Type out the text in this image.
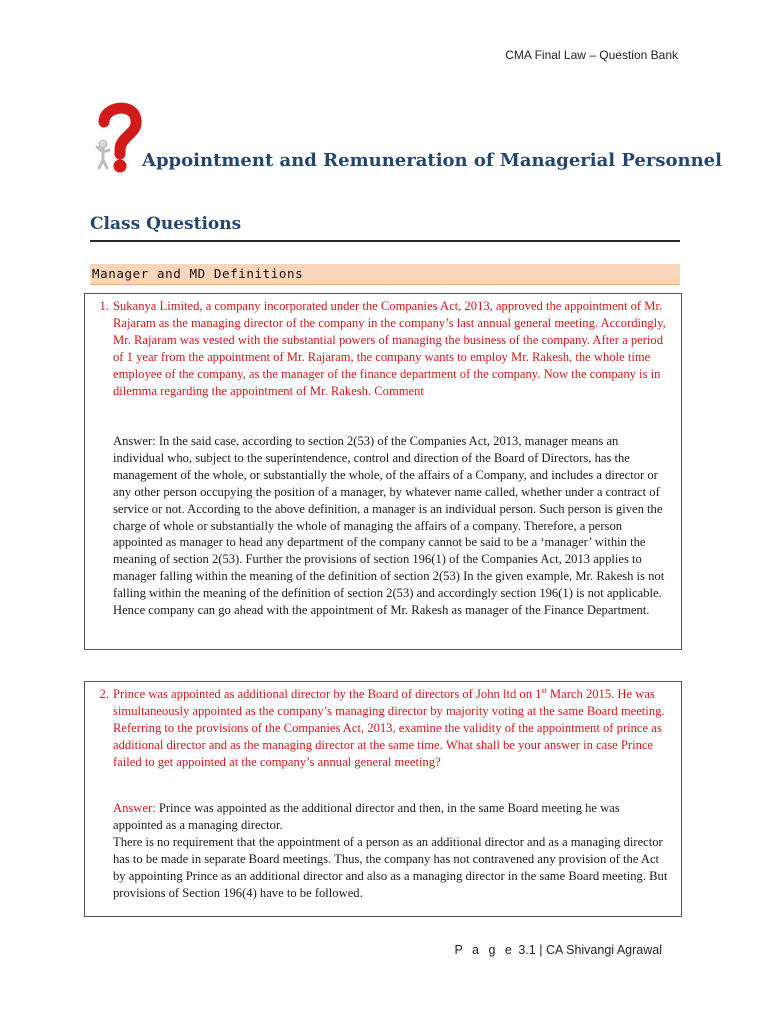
CMA Final Law – Question Bank
Appointment and Remuneration of Managerial Personnel
Class Questions
Manager and MD Definitions
1. Sukanya Limited, a company incorporated under the Companies Act, 2013, approved the appointment of Mr. Rajaram as the managing director of the company in the company’s last annual general meeting. Accordingly, Mr. Rajaram was vested with the substantial powers of managing the business of the company. After a period of 1 year from the appointment of Mr. Rajaram, the company wants to employ Mr. Rakesh, the whole time employee of the company, as the manager of the finance department of the company. Now the company is in dilemma regarding the appointment of Mr. Rakesh. Comment
Answer: In the said case, according to section 2(53) of the Companies Act, 2013, manager means an individual who, subject to the superintendence, control and direction of the Board of Directors, has the management of the whole, or substantially the whole, of the affairs of a Company, and includes a director or any other person occupying the position of a manager, by whatever name called, whether under a contract of service or not. According to the above definition, a manager is an individual person. Such person is given the charge of whole or substantially the whole of managing the affairs of a company. Therefore, a person appointed as manager to head any department of the company cannot be said to be a ‘manager’ within the meaning of section 2(53). Further the provisions of section 196(1) of the Companies Act, 2013 applies to manager falling within the meaning of the definition of section 2(53) In the given example, Mr. Rakesh is not falling within the meaning of the definition of section 2(53) and accordingly section 196(1) is not applicable. Hence company can go ahead with the appointment of Mr. Rakesh as manager of the Finance Department.
2. Prince was appointed as additional director by the Board of directors of John ltd on 1st March 2015. He was simultaneously appointed as the company’s managing director by majority voting at the same Board meeting. Referring to the provisions of the Companies Act, 2013, examine the validity of the appointment of prince as additional director and as the managing director at the same time. What shall be your answer in case Prince failed to get appointed at the company’s annual general meeting?
Answer: Prince was appointed as the additional director and then, in the same Board meeting he was appointed as a managing director.
There is no requirement that the appointment of a person as an additional director and as a managing director has to be made in separate Board meetings. Thus, the company has not contravened any provision of the Act by appointing Prince as an additional director and also as a managing director in the same Board meeting. But provisions of Section 196(4) have to be followed.
P a g e 3.1 | CA Shivangi Agrawal
